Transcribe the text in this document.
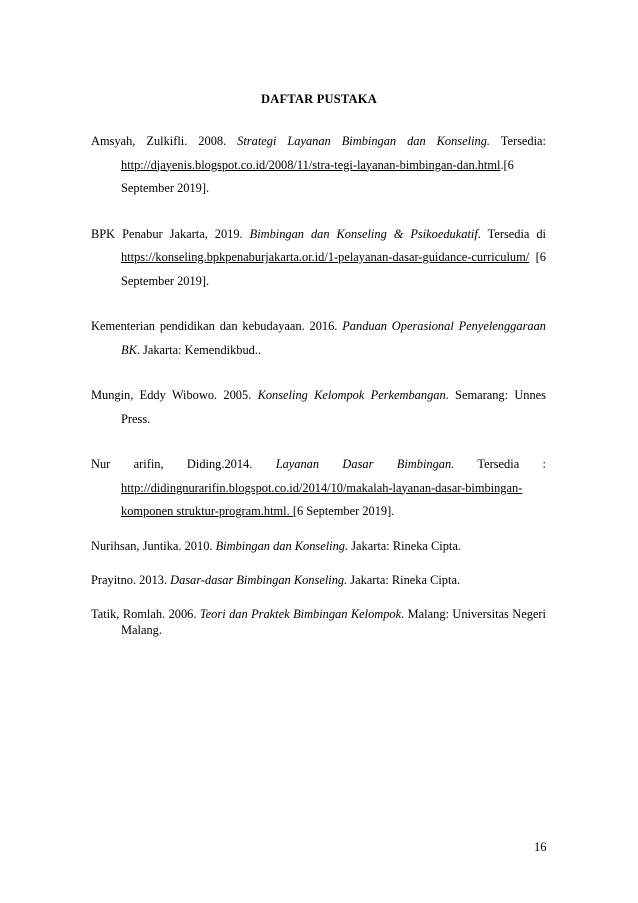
DAFTAR PUSTAKA

Amsyah, Zulkifli. 2008. Strategi Layanan Bimbingan dan Konseling. Tersedia: http://djayenis.blogspot.co.id/2008/11/stra-tegi-layanan-bimbingan-dan.html.[6 September 2019].

BPK Penabur Jakarta, 2019. Bimbingan dan Konseling & Psikoedukatif. Tersedia di https://konseling.bpkpenaburjakarta.or.id/1-pelayanan-dasar-guidance-curriculum/ [6 September 2019].

Kementerian pendidikan dan kebudayaan. 2016. Panduan Operasional Penyelenggaraan BK. Jakarta: Kemendikbud..

Mungin, Eddy Wibowo. 2005. Konseling Kelompok Perkembangan. Semarang: Unnes Press.

Nur arifin, Diding.2014. Layanan Dasar Bimbingan. Tersedia : http://didingnurarifin.blogspot.co.id/2014/10/makalah-layanan-dasar-bimbingan-komponen struktur-program.html. [6 September 2019].

Nurihsan, Juntika. 2010. Bimbingan dan Konseling. Jakarta: Rineka Cipta.

Prayitno. 2013. Dasar-dasar Bimbingan Konseling. Jakarta: Rineka Cipta.

Tatik, Romlah. 2006. Teori dan Praktek Bimbingan Kelompok. Malang: Universitas Negeri Malang.

16
